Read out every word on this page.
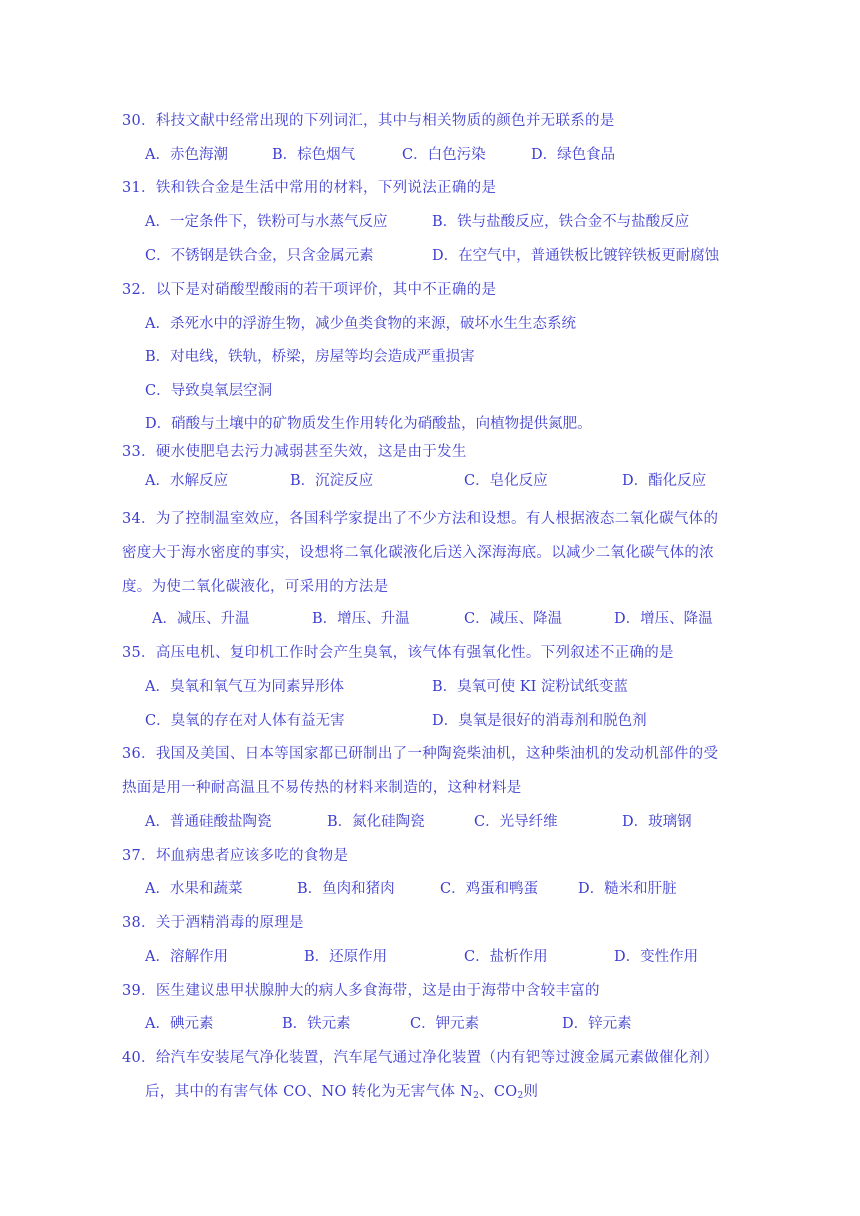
30．科技文献中经常出现的下列词汇，其中与相关物质的颜色并无联系的是
A．赤色海潮	B．棕色烟气	C．白色污染	D．绿色食品
31．铁和铁合金是生活中常用的材料，下列说法正确的是
A．一定条件下，铁粉可与水蒸气反应	B．铁与盐酸反应，铁合金不与盐酸反应
C．不锈钢是铁合金，只含金属元素	D．在空气中，普通铁板比镀锌铁板更耐腐蚀
32．以下是对硝酸型酸雨的若干项评价，其中不正确的是
A．杀死水中的浮游生物，减少鱼类食物的来源，破坏水生生态系统
B．对电线，铁轨，桥梁，房屋等均会造成严重损害
C．导致臭氧层空洞
D．硝酸与土壤中的矿物质发生作用转化为硝酸盐，向植物提供氮肥。
33．硬水使肥皂去污力减弱甚至失效，这是由于发生
A．水解反应	B．沉淀反应	C．皂化反应	D．酯化反应
34．为了控制温室效应，各国科学家提出了不少方法和设想。有人根据液态二氧化碳气体的
密度大于海水密度的事实，设想将二氧化碳液化后送入深海海底。以减少二氧化碳气体的浓
度。为使二氧化碳液化，可采用的方法是
A．减压、升温	B．增压、升温	C．减压、降温	D．增压、降温
35．高压电机、复印机工作时会产生臭氧，该气体有强氧化性。下列叙述不正确的是
A．臭氧和氧气互为同素异形体	B．臭氧可使 KI 淀粉试纸变蓝
C．臭氧的存在对人体有益无害	D．臭氧是很好的消毒剂和脱色剂
36．我国及美国、日本等国家都已研制出了一种陶瓷柴油机，这种柴油机的发动机部件的受
热面是用一种耐高温且不易传热的材料来制造的，这种材料是
A．普通硅酸盐陶瓷	B．氮化硅陶瓷	C．光导纤维	D．玻璃钢
37．坏血病患者应该多吃的食物是
A．水果和蔬菜	B．鱼肉和猪肉	C．鸡蛋和鸭蛋	D．糙米和肝脏
38．关于酒精消毒的原理是
A．溶解作用	B．还原作用	C．盐析作用	D．变性作用
39．医生建议患甲状腺肿大的病人多食海带，这是由于海带中含较丰富的
A．碘元素	B．铁元素	C．钾元素	D．锌元素
40．给汽车安装尾气净化装置，汽车尾气通过净化装置（内有钯等过渡金属元素做催化剂）
后，其中的有害气体 CO、NO 转化为无害气体 $N_2$、$CO_2$则
